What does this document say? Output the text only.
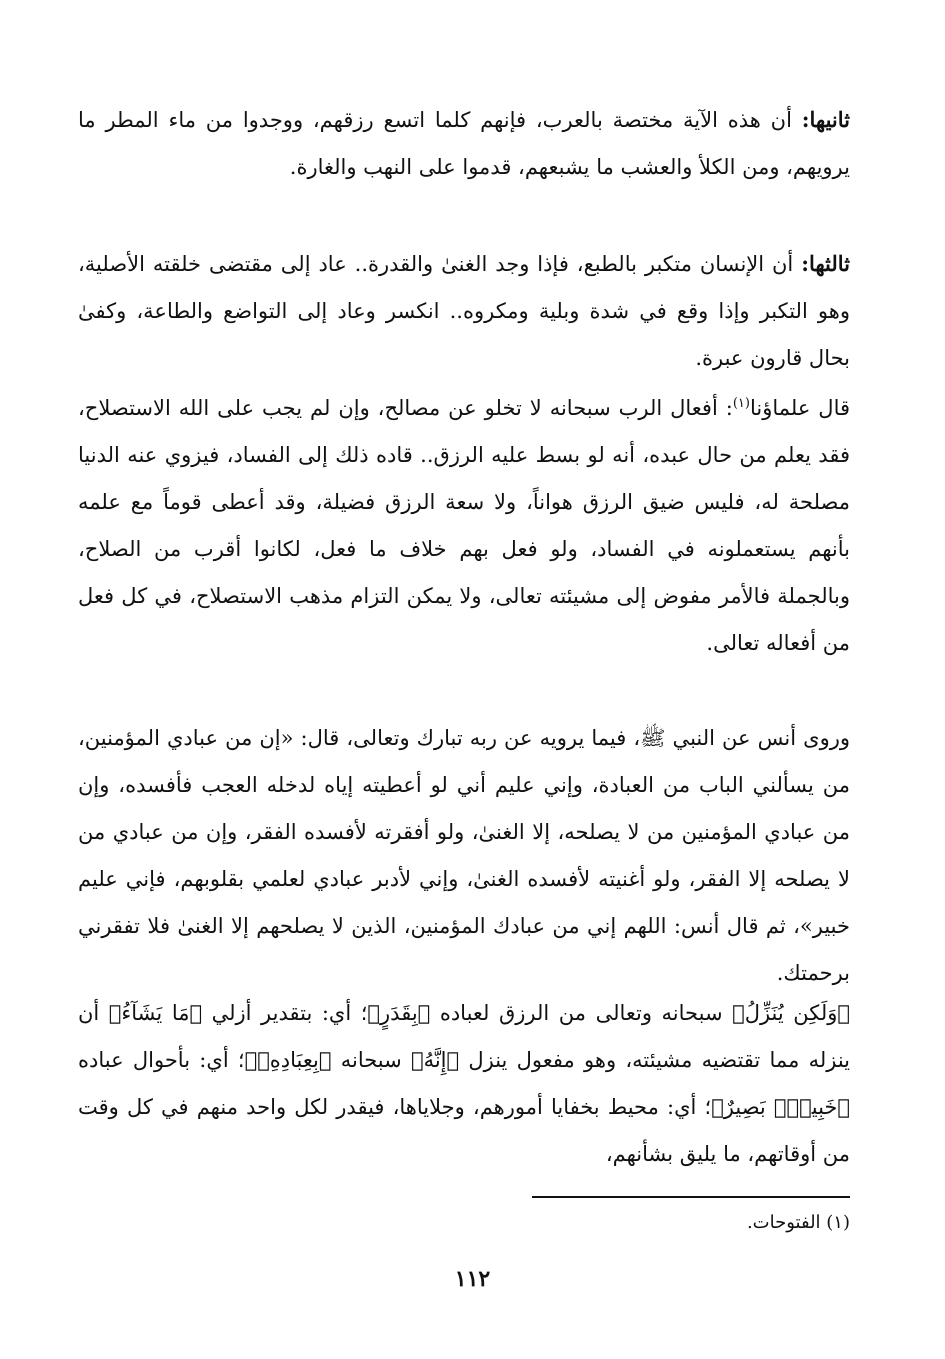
ثانيها: أن هذه الآية مختصة بالعرب، فإنهم كلما اتسع رزقهم، ووجدوا من ماء المطر ما يرويهم، ومن الكلأ والعشب ما يشبعهم، قدموا على النهب والغارة.

ثالثها: أن الإنسان متكبر بالطبع، فإذا وجد الغنىٰ والقدرة.. عاد إلى مقتضى خلقته الأصلية، وهو التكبر وإذا وقع في شدة وبلية ومكروه.. انكسر وعاد إلى التواضع والطاعة، وكفىٰ بحال قارون عبرة.

قال علماؤنا$^{(١)}$: أفعال الرب سبحانه لا تخلو عن مصالح، وإن لم يجب على الله الاستصلاح، فقد يعلم من حال عبده، أنه لو بسط عليه الرزق.. قاده ذلك إلى الفساد، فيزوي عنه الدنيا مصلحة له، فليس ضيق الرزق هواناً، ولا سعة الرزق فضيلة، وقد أعطى قوماً مع علمه بأنهم يستعملونه في الفساد، ولو فعل بهم خلاف ما فعل، لكانوا أقرب من الصلاح، وبالجملة فالأمر مفوض إلى مشيئته تعالى، ولا يمكن التزام مذهب الاستصلاح، في كل فعل من أفعاله تعالى.

وروى أنس عن النبي ﷺ، فيما يرويه عن ربه تبارك وتعالى، قال: «إن من عبادي المؤمنين، من يسألني الباب من العبادة، وإني عليم أني لو أعطيته إياه لدخله العجب فأفسده، وإن من عبادي المؤمنين من لا يصلحه، إلا الغنىٰ، ولو أفقرته لأفسده الفقر، وإن من عبادي من لا يصلحه إلا الفقر، ولو أغنيته لأفسده الغنىٰ، وإني لأدبر عبادي لعلمي بقلوبهم، فإني عليم خبير»، ثم قال أنس: اللهم إني من عبادك المؤمنين، الذين لا يصلحهم إلا الغنىٰ فلا تفقرني برحمتك.

﴿وَلَكِن يُنَزِّلُ﴾ سبحانه وتعالى من الرزق لعباده ﴿بِقَدَرٍ﴾؛ أي: بتقدير أزلي ﴿مَا يَشَآءُ﴾ أن ينزله مما تقتضيه مشيئته، وهو مفعول ينزل ﴿إِنَّهُ﴾ سبحانه ﴿بِعِبَادِهِۦ﴾؛ أي: بأحوال عباده ﴿خَبِيرٌۢ بَصِيرٌ﴾؛ أي: محيط بخفايا أمورهم، وجلاياها، فيقدر لكل واحد منهم في كل وقت من أوقاتهم، ما يليق بشأنهم،

(١) الفتوحات.

١١٢
